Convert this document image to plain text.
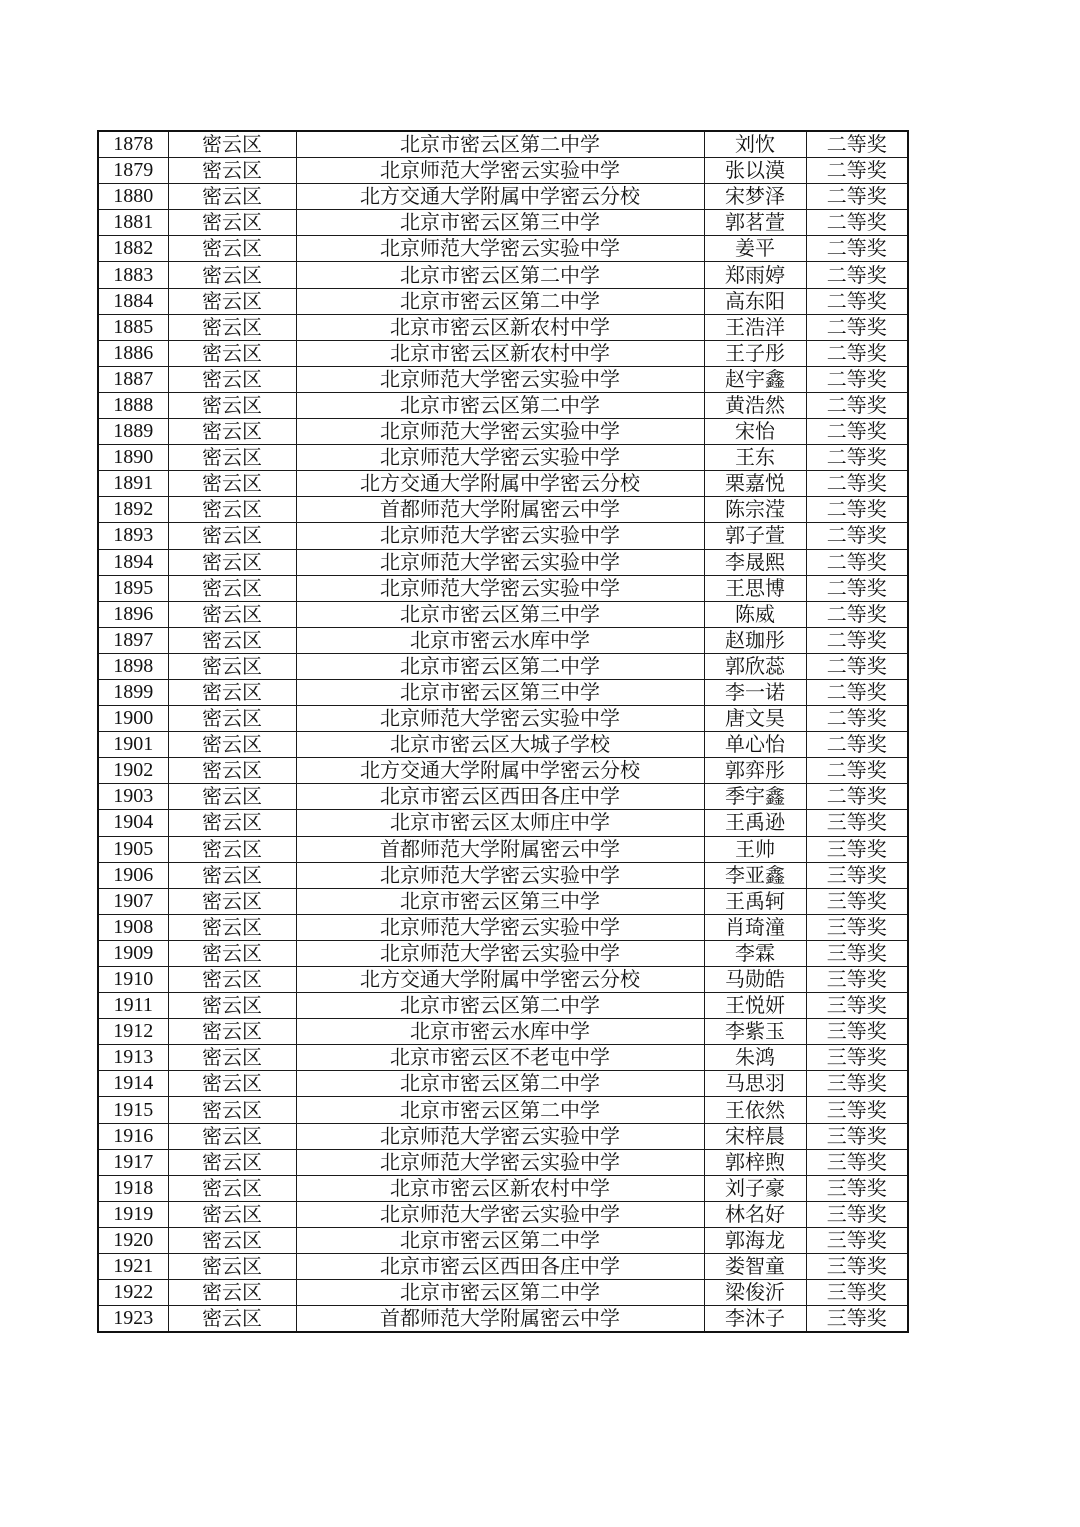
1878	密云区	北京市密云区第二中学	刘忺	二等奖
1879	密云区	北京师范大学密云实验中学	张以漠	二等奖
1880	密云区	北方交通大学附属中学密云分校	宋梦泽	二等奖
1881	密云区	北京市密云区第三中学	郭茗萱	二等奖
1882	密云区	北京师范大学密云实验中学	姜平	二等奖
1883	密云区	北京市密云区第二中学	郑雨婷	二等奖
1884	密云区	北京市密云区第二中学	高东阳	二等奖
1885	密云区	北京市密云区新农村中学	王浩洋	二等奖
1886	密云区	北京市密云区新农村中学	王子彤	二等奖
1887	密云区	北京师范大学密云实验中学	赵宇鑫	二等奖
1888	密云区	北京市密云区第二中学	黄浩然	二等奖
1889	密云区	北京师范大学密云实验中学	宋怡	二等奖
1890	密云区	北京师范大学密云实验中学	王东	二等奖
1891	密云区	北方交通大学附属中学密云分校	栗嘉悦	二等奖
1892	密云区	首都师范大学附属密云中学	陈宗滢	二等奖
1893	密云区	北京师范大学密云实验中学	郭子萱	二等奖
1894	密云区	北京师范大学密云实验中学	李晟熙	二等奖
1895	密云区	北京师范大学密云实验中学	王思博	二等奖
1896	密云区	北京市密云区第三中学	陈威	二等奖
1897	密云区	北京市密云水库中学	赵珈彤	二等奖
1898	密云区	北京市密云区第二中学	郭欣蕊	二等奖
1899	密云区	北京市密云区第三中学	李一诺	二等奖
1900	密云区	北京师范大学密云实验中学	唐文昊	二等奖
1901	密云区	北京市密云区大城子学校	单心怡	二等奖
1902	密云区	北方交通大学附属中学密云分校	郭弈彤	二等奖
1903	密云区	北京市密云区西田各庄中学	季宇鑫	二等奖
1904	密云区	北京市密云区太师庄中学	王禹逊	三等奖
1905	密云区	首都师范大学附属密云中学	王帅	三等奖
1906	密云区	北京师范大学密云实验中学	李亚鑫	三等奖
1907	密云区	北京市密云区第三中学	王禹轲	三等奖
1908	密云区	北京师范大学密云实验中学	肖琦潼	三等奖
1909	密云区	北京师范大学密云实验中学	李霖	三等奖
1910	密云区	北方交通大学附属中学密云分校	马勋皓	三等奖
1911	密云区	北京市密云区第二中学	王悦妍	三等奖
1912	密云区	北京市密云水库中学	李紫玉	三等奖
1913	密云区	北京市密云区不老屯中学	朱鸿	三等奖
1914	密云区	北京市密云区第二中学	马思羽	三等奖
1915	密云区	北京市密云区第二中学	王依然	三等奖
1916	密云区	北京师范大学密云实验中学	宋梓晨	三等奖
1917	密云区	北京师范大学密云实验中学	郭梓煦	三等奖
1918	密云区	北京市密云区新农村中学	刘子豪	三等奖
1919	密云区	北京师范大学密云实验中学	林名好	三等奖
1920	密云区	北京市密云区第二中学	郭海龙	三等奖
1921	密云区	北京市密云区西田各庄中学	娄智童	三等奖
1922	密云区	北京市密云区第二中学	梁俊沂	三等奖
1923	密云区	首都师范大学附属密云中学	李沐子	三等奖
